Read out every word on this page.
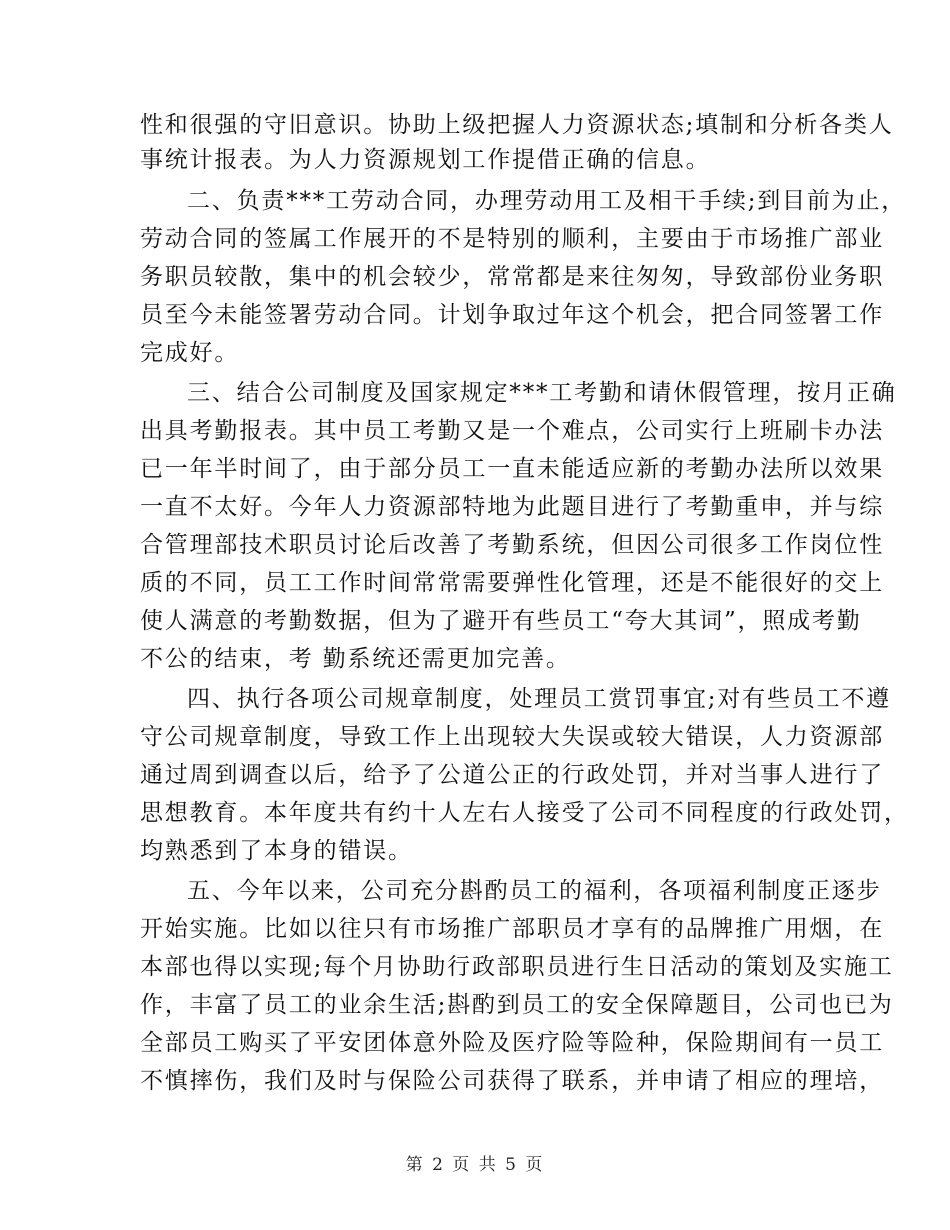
性和很强的守旧意识。协助上级把握人力资源状态;填制和分析各类人
事统计报表。为人力资源规划工作提借正确的信息。
二、负责***工劳动合同，办理劳动用工及相干手续;到目前为止，
劳动合同的签属工作展开的不是特别的顺利，主要由于市场推广部业
务职员较散，集中的机会较少，常常都是来往匆匆，导致部份业务职
员至今未能签署劳动合同。计划争取过年这个机会，把合同签署工作
完成好。
三、结合公司制度及国家规定***工考勤和请休假管理，按月正确
出具考勤报表。其中员工考勤又是一个难点，公司实行上班刷卡办法
已一年半时间了，由于部分员工一直未能适应新的考勤办法所以效果
一直不太好。今年人力资源部特地为此题目进行了考勤重申，并与综
合管理部技术职员讨论后改善了考勤系统，但因公司很多工作岗位性
质的不同，员工工作时间常常需要弹性化管理，还是不能很好的交上
使人满意的考勤数据，但为了避开有些员工“夸大其词”，照成考勤
不公的结束，考 勤系统还需更加完善。
四、执行各项公司规章制度，处理员工赏罚事宜;对有些员工不遵
守公司规章制度，导致工作上出现较大失误或较大错误，人力资源部
通过周到调查以后，给予了公道公正的行政处罚，并对当事人进行了
思想教育。本年度共有约十人左右人接受了公司不同程度的行政处罚，
均熟悉到了本身的错误。
五、今年以来，公司充分斟酌员工的福利，各项福利制度正逐步
开始实施。比如以往只有市场推广部职员才享有的品牌推广用烟，在
本部也得以实现;每个月协助行政部职员进行生日活动的策划及实施工
作，丰富了员工的业余生活;斟酌到员工的安全保障题目，公司也已为
全部员工购买了平安团体意外险及医疗险等险种，保险期间有一员工
不慎摔伤，我们及时与保险公司获得了联系，并申请了相应的理培，
第 2 页 共 5 页
